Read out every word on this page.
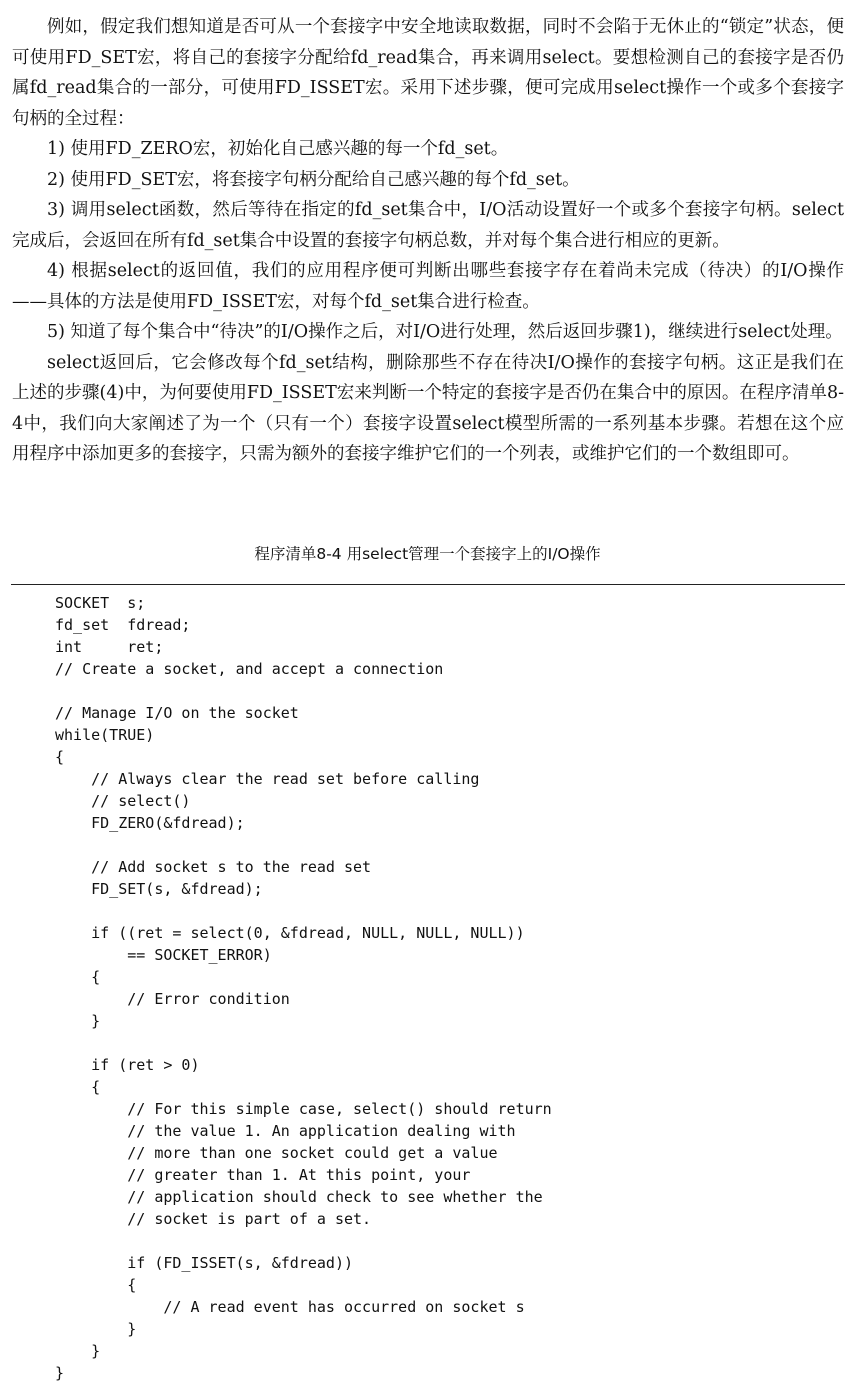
例如，假定我们想知道是否可从一个套接字中安全地读取数据，同时不会陷于无休止的“锁定”状态，便可使用FD_SET宏，将自己的套接字分配给fd_read集合，再来调用select。要想检测自己的套接字是否仍属fd_read集合的一部分，可使用FD_ISSET宏。采用下述步骤，便可完成用select操作一个或多个套接字句柄的全过程：

1) 使用FD_ZERO宏，初始化自己感兴趣的每一个fd_set。

2) 使用FD_SET宏，将套接字句柄分配给自己感兴趣的每个fd_set。

3) 调用select函数，然后等待在指定的fd_set集合中，I/O活动设置好一个或多个套接字句柄。select完成后，会返回在所有fd_set集合中设置的套接字句柄总数，并对每个集合进行相应的更新。

4) 根据select的返回值，我们的应用程序便可判断出哪些套接字存在着尚未完成（待决）的I/O操作——具体的方法是使用FD_ISSET宏，对每个fd_set集合进行检查。

5) 知道了每个集合中“待决”的I/O操作之后，对I/O进行处理，然后返回步骤1)，继续进行select处理。

select返回后，它会修改每个fd_set结构，删除那些不存在待决I/O操作的套接字句柄。这正是我们在上述的步骤(4)中，为何要使用FD_ISSET宏来判断一个特定的套接字是否仍在集合中的原因。在程序清单8-4中，我们向大家阐述了为一个（只有一个）套接字设置select模型所需的一系列基本步骤。若想在这个应用程序中添加更多的套接字，只需为额外的套接字维护它们的一个列表，或维护它们的一个数组即可。

程序清单8-4 用select管理一个套接字上的I/O操作
SOCKET  s;
fd_set  fdread;
int     ret;
// Create a socket, and accept a connection
// Manage I/O on the socket
while(TRUE)
{
// Always clear the read set before calling
// select()
FD_ZERO(&fdread);
// Add socket s to the read set
FD_SET(s, &fdread);
if ((ret = select(0, &fdread, NULL, NULL, NULL))
== SOCKET_ERROR)
{
// Error condition
}
if (ret > 0)
{
// For this simple case, select() should return
// the value 1. An application dealing with
// more than one socket could get a value
// greater than 1. At this point, your
// application should check to see whether the
// socket is part of a set.
if (FD_ISSET(s, &fdread))
{
// A read event has occurred on socket s
}
}
}
